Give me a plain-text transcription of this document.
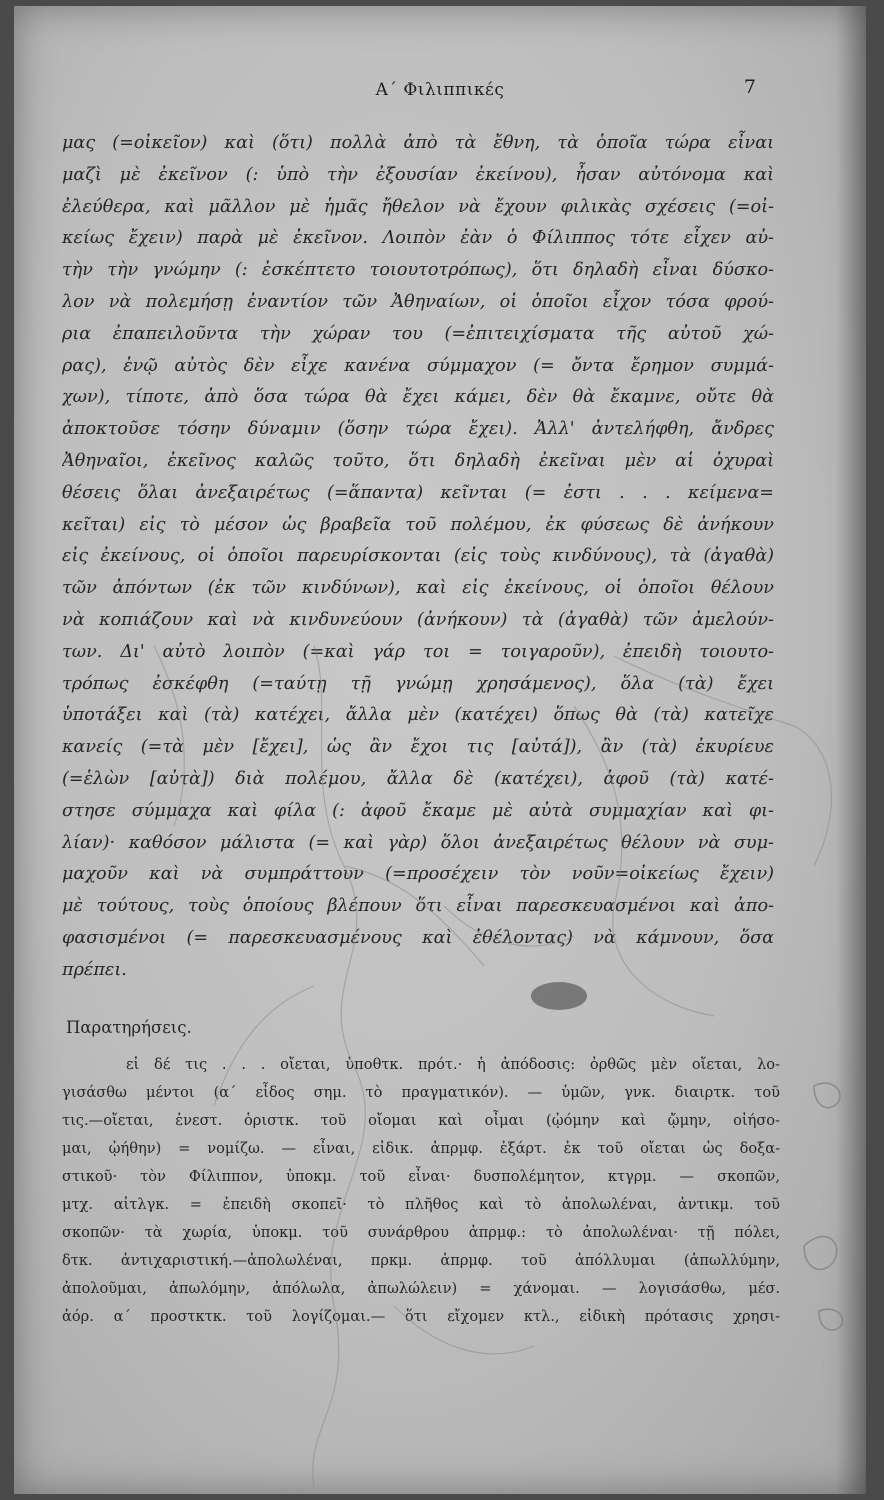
Α΄ Φιλιππικές	7
μας (=οἰκεῖον) καὶ (ὅτι) πολλὰ ἀπὸ τὰ ἔθνη, τὰ ὁποῖα τώρα εἶναι
μαζὶ μὲ ἐκεῖνον (: ὑπὸ τὴν ἐξουσίαν ἐκείνου), ἦσαν αὐτόνομα καὶ
ἐλεύθερα, καὶ μᾶλλον μὲ ἡμᾶς ἤθελον νὰ ἔχουν φιλικὰς σχέσεις (=οἰ-
κείως ἔχειν) παρὰ μὲ ἐκεῖνον. Λοιπὸν ἐὰν ὁ Φίλιππος τότε εἶχεν αὐ-
τὴν τὴν γνώμην (: ἐσκέπτετο τοιουτοτρόπως), ὅτι δηλαδὴ εἶναι δύσκο-
λον νὰ πολεμήσῃ ἐναντίον τῶν Ἀθηναίων, οἱ ὁποῖοι εἶχον τόσα φρού-
ρια ἐπαπειλοῦντα τὴν χώραν του (=ἐπιτειχίσματα τῆς αὐτοῦ χώ-
ρας), ἐνῷ αὐτὸς δὲν εἶχε κανένα σύμμαχον (= ὄντα ἔρημον συμμά-
χων), τίποτε, ἀπὸ ὅσα τώρα θὰ ἔχει κάμει, δὲν θὰ ἔκαμνε, οὔτε θὰ
ἀποκτοῦσε τόσην δύναμιν (ὅσην τώρα ἔχει). Ἀλλ' ἀντελήφθη, ἄνδρες
Ἀθηναῖοι, ἐκεῖνος καλῶς τοῦτο, ὅτι δηλαδὴ ἐκεῖναι μὲν αἱ ὀχυραὶ
θέσεις ὅλαι ἀνεξαιρέτως (=ἅπαντα) κεῖνται (= ἐστι . . . κείμενα=
κεῖται) εἰς τὸ μέσον ὡς βραβεῖα τοῦ πολέμου, ἐκ φύσεως δὲ ἀνήκουν
εἰς ἐκείνους, οἱ ὁποῖοι παρευρίσκονται (εἰς τοὺς κινδύνους), τὰ (ἀγαθὰ)
τῶν ἀπόντων (ἐκ τῶν κινδύνων), καὶ εἰς ἐκείνους, οἱ ὁποῖοι θέλουν
νὰ κοπιάζουν καὶ νὰ κινδυνεύουν (ἀνήκουν) τὰ (ἀγαθὰ) τῶν ἀμελούν-
των. Δι' αὐτὸ λοιπὸν (=καὶ γάρ τοι = τοιγαροῦν), ἐπειδὴ τοιουτο-
τρόπως ἐσκέφθη (=ταύτῃ τῇ γνώμῃ χρησάμενος), ὅλα (τὰ) ἔχει
ὑποτάξει καὶ (τὰ) κατέχει, ἄλλα μὲν (κατέχει) ὅπως θὰ (τὰ) κατεῖχε
κανείς (=τὰ μὲν [ἔχει], ὡς ἂν ἔχοι τις [αὐτά]), ἂν (τὰ) ἐκυρίευε
(=ἑλὼν [αὐτὰ]) διὰ πολέμου, ἄλλα δὲ (κατέχει), ἀφοῦ (τὰ) κατέ-
στησε σύμμαχα καὶ φίλα (: ἀφοῦ ἔκαμε μὲ αὐτὰ συμμαχίαν καὶ φι-
λίαν)· καθόσον μάλιστα (= καὶ γὰρ) ὅλοι ἀνεξαιρέτως θέλουν νὰ συμ-
μαχοῦν καὶ νὰ συμπράττουν (=προσέχειν τὸν νοῦν=οἰκείως ἔχειν)
μὲ τούτους, τοὺς ὁποίους βλέπουν ὅτι εἶναι παρεσκευασμένοι καὶ ἀπο-
φασισμένοι (= παρεσκευασμένους καὶ ἐθέλοντας) νὰ κάμνουν, ὅσα
πρέπει.
Παρατηρήσεις.
εἰ δέ τις . . . οἴεται, ὑποθτκ. πρότ.· ἡ ἀπόδοσις: ὀρθῶς μὲν οἴεται, λο-
γισάσθω μέντοι (α΄ εἶδος σημ. τὸ πραγματικόν). — ὑμῶν, γνκ. διαιρτκ. τοῦ
τις.—οἴεται, ἐνεστ. ὁριστκ. τοῦ οἴομαι καὶ οἶμαι (ᾠόμην καὶ ᾤμην, οἰήσο-
μαι, ᾠήθην) = νομίζω. — εἶναι, εἰδικ. ἀπρμφ. ἐξάρτ. ἐκ τοῦ οἴεται ὡς δοξα-
στικοῦ· τὸν Φίλιππον, ὑποκμ. τοῦ εἶναι· δυσπολέμητον, κτγρμ. — σκοπῶν,
μτχ. αἰτλγκ. = ἐπειδὴ σκοπεῖ· τὸ πλῆθος καὶ τὸ ἀπολωλέναι, ἀντικμ. τοῦ
σκοπῶν· τὰ χωρία, ὑποκμ. τοῦ συνάρθρου ἀπρμφ.: τὸ ἀπολωλέναι· τῇ πόλει,
δτκ. ἀντιχαριστική.—ἀπολωλέναι, πρκμ. ἀπρμφ. τοῦ ἀπόλλυμαι (ἀπωλλύμην,
ἀπολοῦμαι, ἀπωλόμην, ἀπόλωλα, ἀπωλώλειν) = χάνομαι. — λογισάσθω, μέσ.
ἀόρ. α΄ προστκτκ. τοῦ λογίζομαι.— ὅτι εἴχομεν κτλ., εἰδικὴ πρότασις χρησι-
